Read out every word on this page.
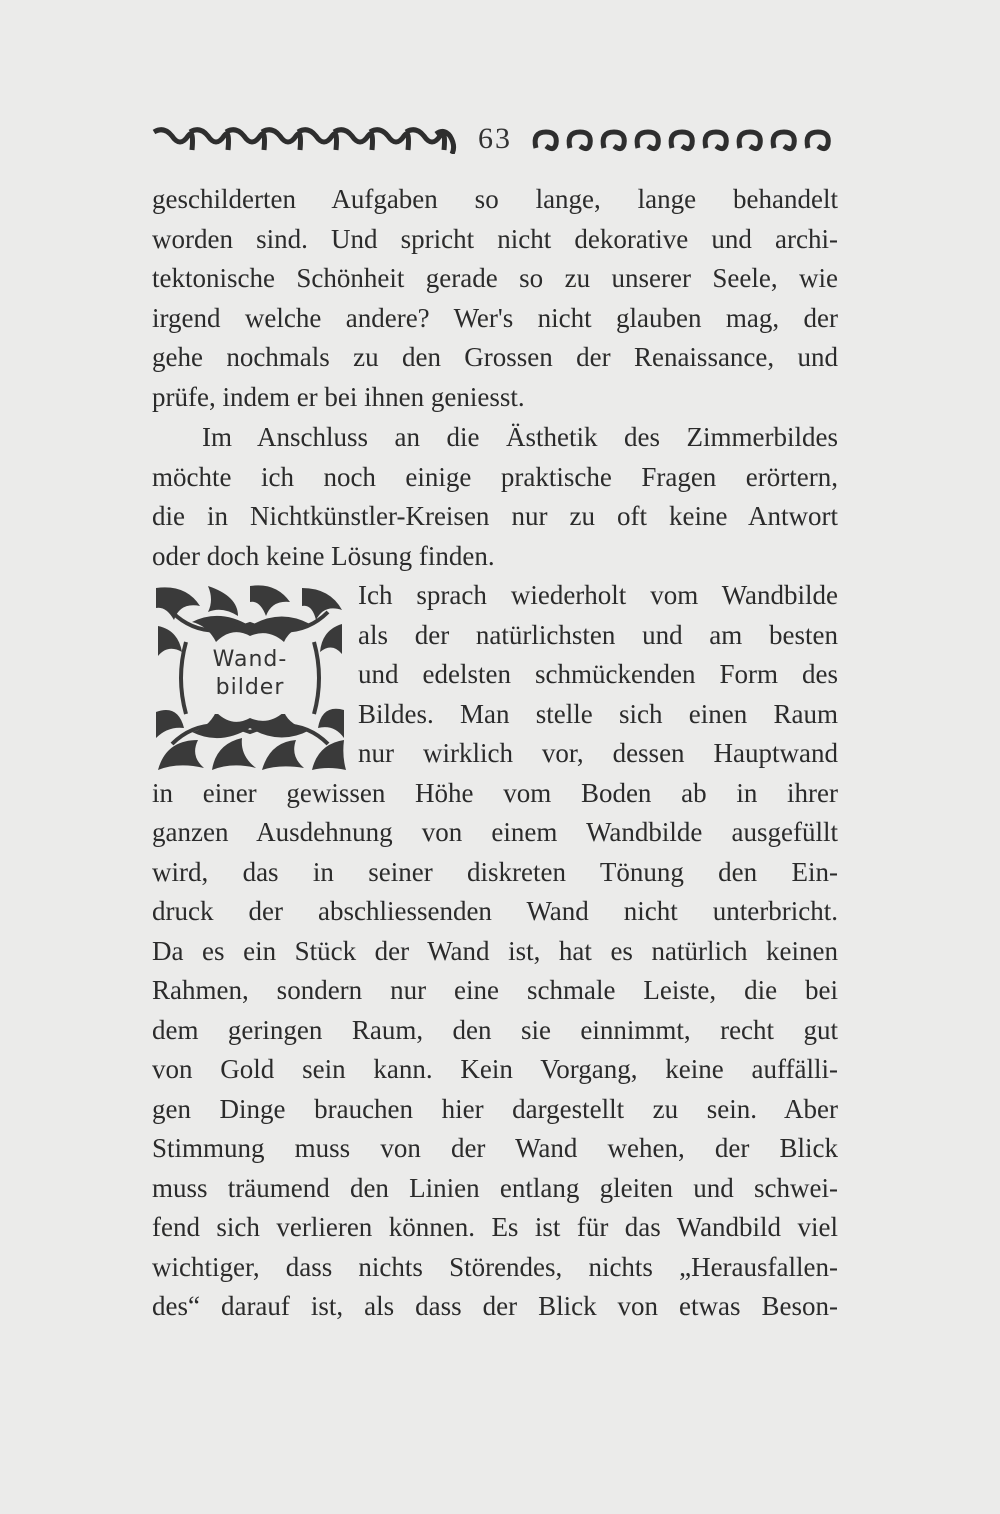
63
geschilderten Aufgaben so lange, lange behandelt
worden sind. Und spricht nicht dekorative und archi-
tektonische Schönheit gerade so zu unserer Seele, wie
irgend welche andere? Wer's nicht glauben mag, der
gehe nochmals zu den Grossen der Renaissance, und
prüfe, indem er bei ihnen geniesst.
Im Anschluss an die Ästhetik des Zimmerbildes
möchte ich noch einige praktische Fragen erörtern,
die in Nichtkünstler-Kreisen nur zu oft keine Antwort
oder doch keine Lösung finden.
Wand-
bilder
Ich sprach wiederholt vom Wandbilde
als der natürlichsten und am besten
und edelsten schmückenden Form des
Bildes. Man stelle sich einen Raum
nur wirklich vor, dessen Hauptwand
in einer gewissen Höhe vom Boden ab in ihrer
ganzen Ausdehnung von einem Wandbilde ausgefüllt
wird, das in seiner diskreten Tönung den Ein-
druck der abschliessenden Wand nicht unterbricht.
Da es ein Stück der Wand ist, hat es natürlich keinen
Rahmen, sondern nur eine schmale Leiste, die bei
dem geringen Raum, den sie einnimmt, recht gut
von Gold sein kann. Kein Vorgang, keine auffälli-
gen Dinge brauchen hier dargestellt zu sein. Aber
Stimmung muss von der Wand wehen, der Blick
muss träumend den Linien entlang gleiten und schwei-
fend sich verlieren können. Es ist für das Wandbild viel
wichtiger, dass nichts Störendes, nichts „Herausfallen-
des“ darauf ist, als dass der Blick von etwas Beson-
